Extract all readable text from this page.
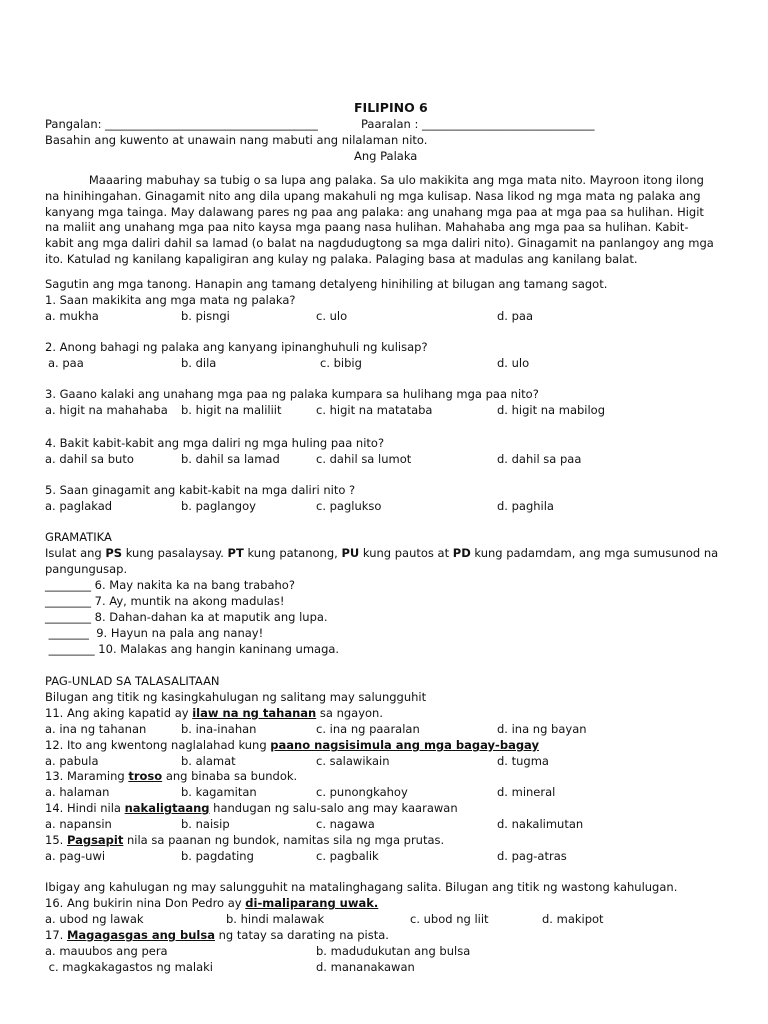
FILIPINO 6
Pangalan: _____________________________________	Paaralan : ______________________________
Basahin ang kuwento at unawain nang mabuti ang nilalaman nito.
Ang Palaka
Maaaring mabuhay sa tubig o sa lupa ang palaka. Sa ulo makikita ang mga mata nito. Mayroon itong ilong na hinihingahan. Ginagamit nito ang dila upang makahuli ng mga kulisap. Nasa likod ng mga mata ng palaka ang kanyang mga tainga. May dalawang pares ng paa ang palaka: ang unahang mga paa at mga paa sa hulihan. Higit na maliit ang unahang mga paa nito kaysa mga paang nasa hulihan. Mahahaba ang mga paa sa hulihan. Kabit-kabit ang mga daliri dahil sa lamad (o balat na nagdudugtong sa mga daliri nito). Ginagamit na panlangoy ang mga ito. Katulad ng kanilang kapaligiran ang kulay ng palaka. Palaging basa at madulas ang kanilang balat.
Sagutin ang mga tanong. Hanapin ang tamang detalyeng hinihiling at bilugan ang tamang sagot.
1. Saan makikita ang mga mata ng palaka?
a. mukha	b. pisngi	c. ulo	d. paa
2. Anong bahagi ng palaka ang kanyang ipinanghuhuli ng kulisap?
a. paa	b. dila	c. bibig	d. ulo
3. Gaano kalaki ang unahang mga paa ng palaka kumpara sa hulihang mga paa nito?
a. higit na mahahaba b. higit na maliliit	c. higit na matataba	d. higit na mabilog
4. Bakit kabit-kabit ang mga daliri ng mga huling paa nito?
a. dahil sa buto	b. dahil sa lamad	c. dahil sa lumot	d. dahil sa paa
5. Saan ginagamit ang kabit-kabit na mga daliri nito ?
a. paglakad	b. paglangoy	c. paglukso	d. paghila
GRAMATIKA
Isulat ang PS kung pasalaysay. PT kung patanong, PU kung pautos at PD kung padamdam, ang mga sumusunod na
pangungusap.
________ 6. May nakita ka na bang trabaho?
________ 7. Ay, muntik na akong madulas!
________ 8. Dahan-dahan ka at maputik ang lupa.
_______  9. Hayun na pala ang nanay!
________ 10. Malakas ang hangin kaninang umaga.
PAG-UNLAD SA TALASALITAAN
Bilugan ang titik ng kasingkahulugan ng salitang may salungguhit
11. Ang aking kapatid ay ilaw na ng tahanan sa ngayon.
a. ina ng tahanan	b. ina-inahan	c. ina ng paaralan	d. ina ng bayan
12. Ito ang kwentong naglalahad kung paano nagsisimula ang mga bagay-bagay
a. pabula	b. alamat	c. salawikain	d. tugma
13. Maraming troso ang binaba sa bundok.
a. halaman	b. kagamitan	c. punongkahoy	d. mineral
14. Hindi nila nakaligtaang handugan ng salu-salo ang may kaarawan
a. napansin	b. naisip	c. nagawa	d. nakalimutan
15. Pagsapit nila sa paanan ng bundok, namitas sila ng mga prutas.
a. pag-uwi	b. pagdating	c. pagbalik	d. pag-atras
Ibigay ang kahulugan ng may salungguhit na matalinghagang salita. Bilugan ang titik ng wastong kahulugan.
16. Ang bukirin nina Don Pedro ay di-maliparang uwak.
a. ubod ng lawak	b. hindi malawak	c. ubod ng liit	d. makipot
17. Magagasgas ang bulsa ng tatay sa darating na pista.
a. mauubos ang pera	b. madudukutan ang bulsa
c. magkakagastos ng malaki	d. mananakawan
